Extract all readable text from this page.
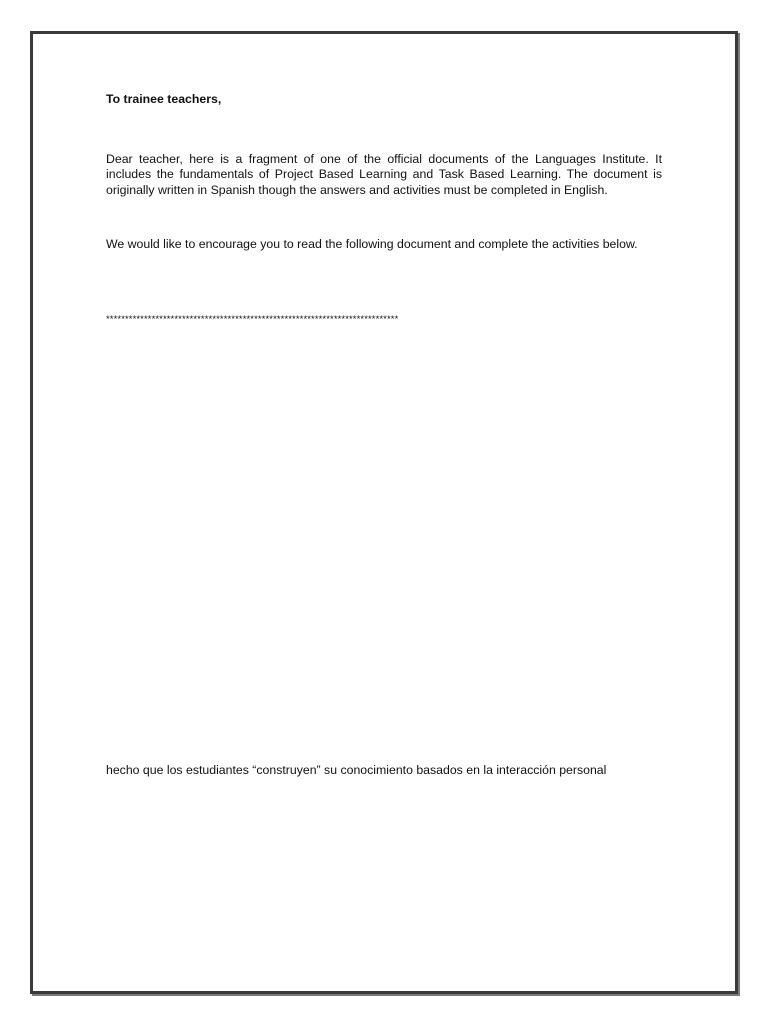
To trainee teachers,

Dear teacher, here is a fragment of one of the official documents of the Languages Institute. It includes the fundamentals of Project Based Learning and Task Based Learning. The document is originally written in Spanish though the answers and activities must be completed in English.

We would like to encourage you to read the following document and complete the activities below.

*****************************************************************************
hecho que los estudiantes “construyen” su conocimiento basados en la interacción personal
